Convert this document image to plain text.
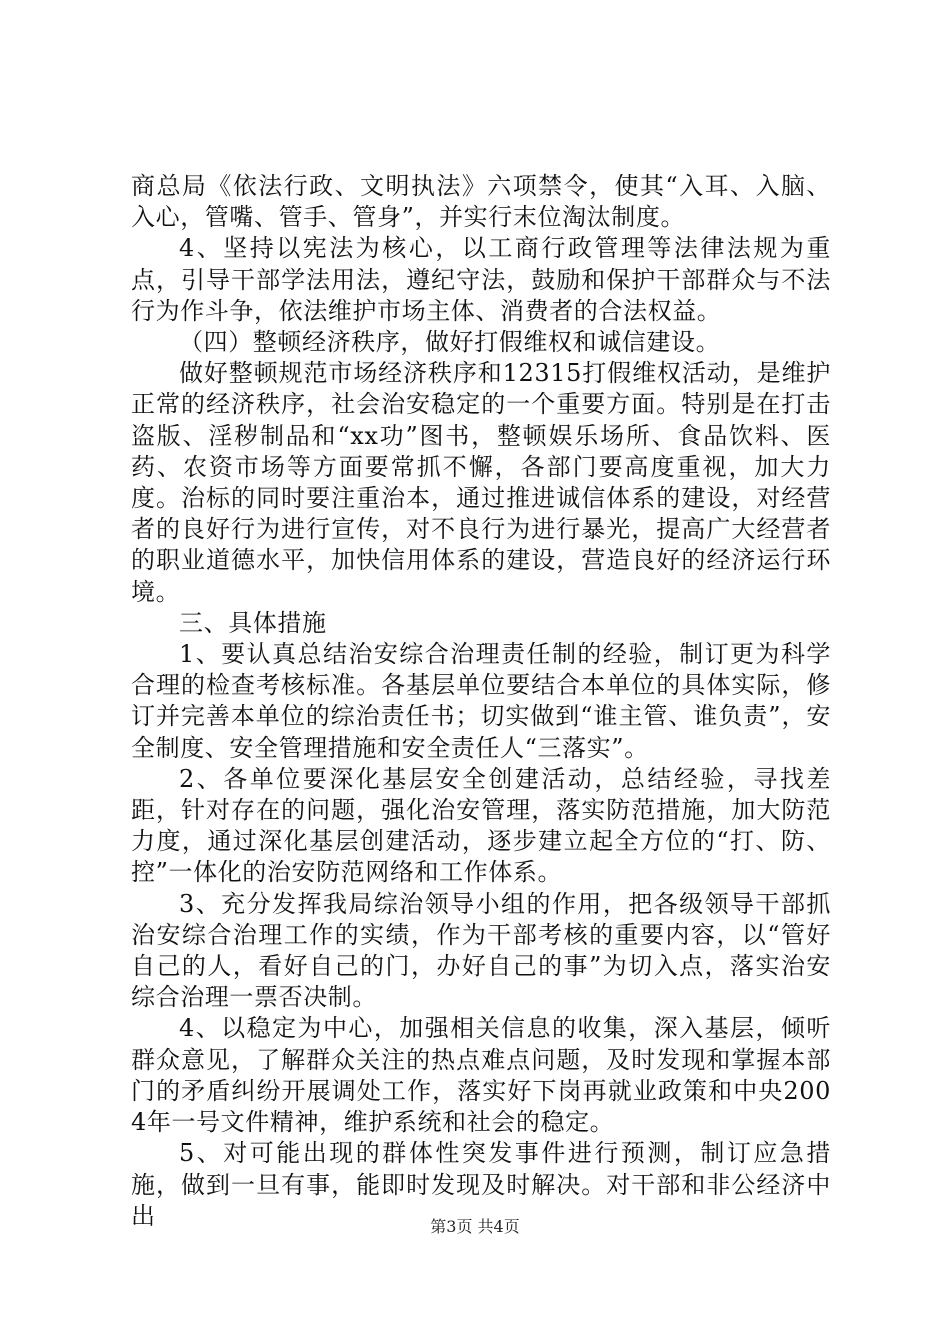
商总局《依法行政、文明执法》六项禁令，使其“入耳、入脑、入心，管嘴、管手、管身”，并实行末位淘汰制度。

4、坚持以宪法为核心，以工商行政管理等法律法规为重点，引导干部学法用法，遵纪守法，鼓励和保护干部群众与不法行为作斗争，依法维护市场主体、消费者的合法权益。

（四）整顿经济秩序，做好打假维权和诚信建设。

做好整顿规范市场经济秩序和12315打假维权活动，是维护正常的经济秩序，社会治安稳定的一个重要方面。特别是在打击盗版、淫秽制品和“xx功”图书，整顿娱乐场所、食品饮料、医药、农资市场等方面要常抓不懈，各部门要高度重视，加大力度。治标的同时要注重治本，通过推进诚信体系的建设，对经营者的良好行为进行宣传，对不良行为进行暴光，提高广大经营者的职业道德水平，加快信用体系的建设，营造良好的经济运行环境。

三、具体措施

1、要认真总结治安综合治理责任制的经验，制订更为科学合理的检查考核标准。各基层单位要结合本单位的具体实际，修订并完善本单位的综治责任书；切实做到“谁主管、谁负责”，安全制度、安全管理措施和安全责任人“三落实”。

2、各单位要深化基层安全创建活动，总结经验，寻找差距，针对存在的问题，强化治安管理，落实防范措施，加大防范力度，通过深化基层创建活动，逐步建立起全方位的“打、防、控”一体化的治安防范网络和工作体系。

3、充分发挥我局综治领导小组的作用，把各级领导干部抓治安综合治理工作的实绩，作为干部考核的重要内容，以“管好自己的人，看好自己的门，办好自己的事”为切入点，落实治安综合治理一票否决制。

4、以稳定为中心，加强相关信息的收集，深入基层，倾听群众意见，了解群众关注的热点难点问题，及时发现和掌握本部门的矛盾纠纷开展调处工作，落实好下岗再就业政策和中央2004年一号文件精神，维护系统和社会的稳定。

5、对可能出现的群体性突发事件进行预测，制订应急措施，做到一旦有事，能即时发现及时解决。对干部和非公经济中出	第3页 共4页
